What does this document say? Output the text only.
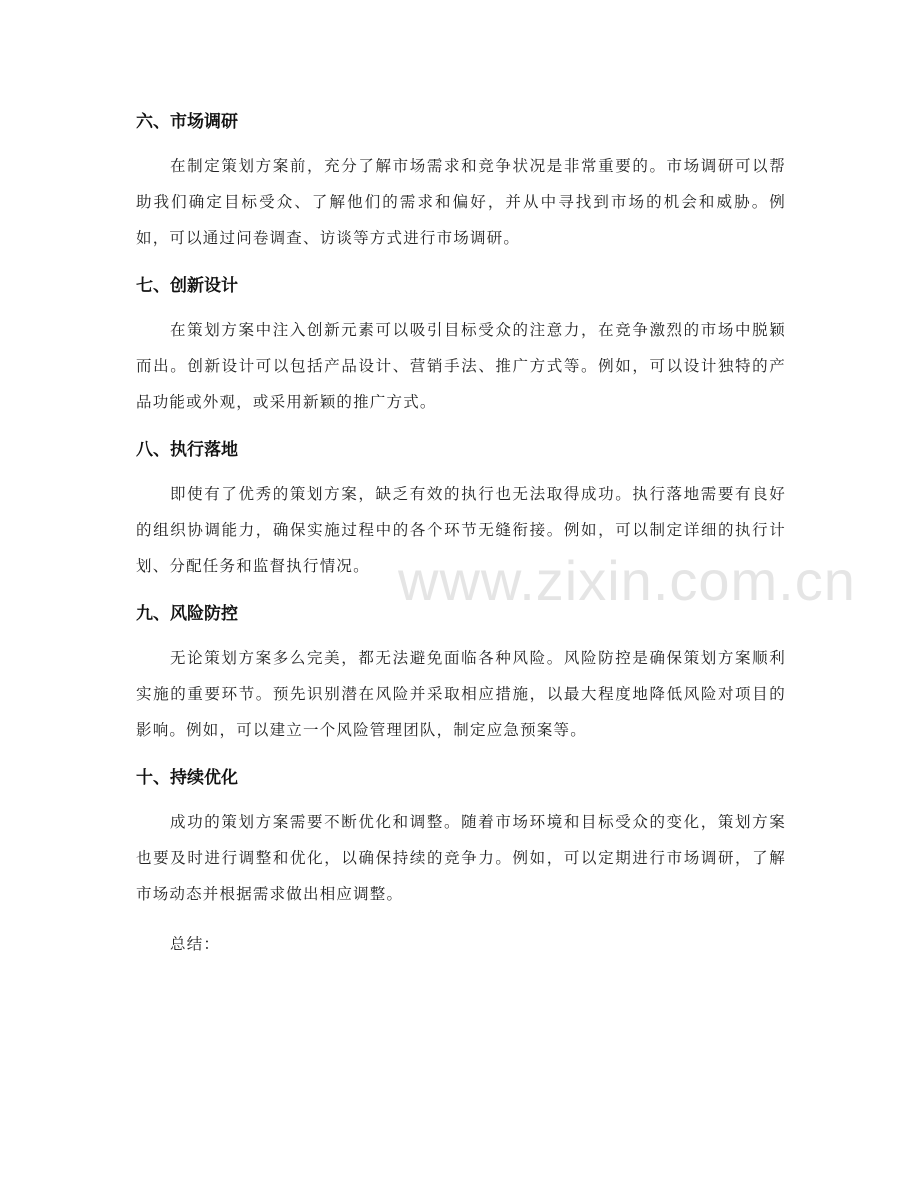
六、市场调研

在制定策划方案前，充分了解市场需求和竞争状况是非常重要的。市场调研可以帮助我们确定目标受众、了解他们的需求和偏好，并从中寻找到市场的机会和威胁。例如，可以通过问卷调查、访谈等方式进行市场调研。

七、创新设计

在策划方案中注入创新元素可以吸引目标受众的注意力，在竞争激烈的市场中脱颖而出。创新设计可以包括产品设计、营销手法、推广方式等。例如，可以设计独特的产品功能或外观，或采用新颖的推广方式。

八、执行落地

即使有了优秀的策划方案，缺乏有效的执行也无法取得成功。执行落地需要有良好的组织协调能力，确保实施过程中的各个环节无缝衔接。例如，可以制定详细的执行计划、分配任务和监督执行情况。

九、风险防控

无论策划方案多么完美，都无法避免面临各种风险。风险防控是确保策划方案顺利实施的重要环节。预先识别潜在风险并采取相应措施，以最大程度地降低风险对项目的影响。例如，可以建立一个风险管理团队，制定应急预案等。

十、持续优化

成功的策划方案需要不断优化和调整。随着市场环境和目标受众的变化，策划方案也要及时进行调整和优化，以确保持续的竞争力。例如，可以定期进行市场调研，了解市场动态并根据需求做出相应调整。

总结：

www.zixin.com.cn
